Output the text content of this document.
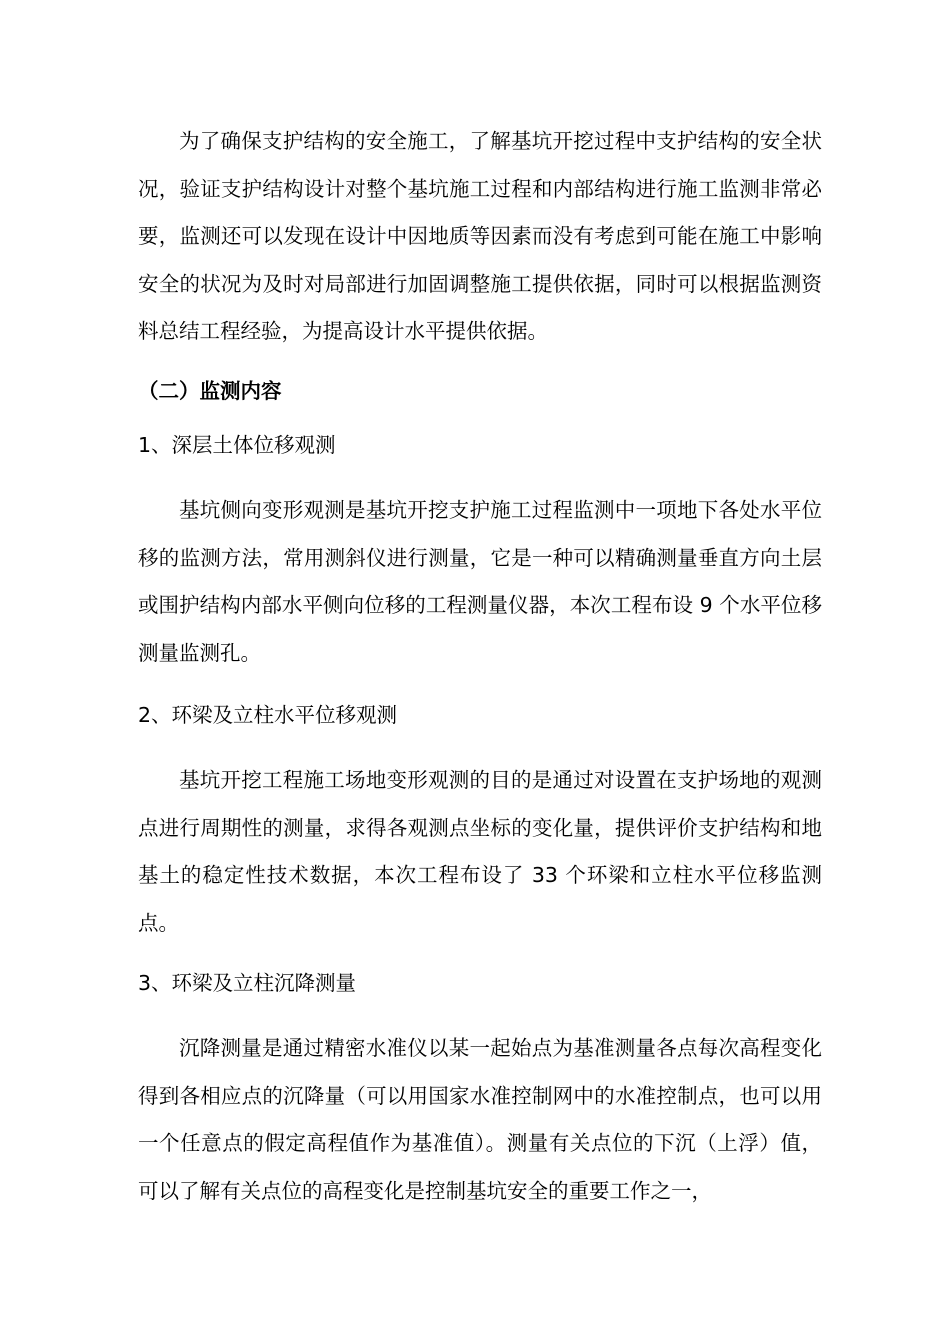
为了确保支护结构的安全施工，了解基坑开挖过程中支护结构的安全状况，验证支护结构设计对整个基坑施工过程和内部结构进行施工监测非常必要，监测还可以发现在设计中因地质等因素而没有考虑到可能在施工中影响安全的状况为及时对局部进行加固调整施工提供依据，同时可以根据监测资料总结工程经验，为提高设计水平提供依据。

（二）监测内容

1、深层土体位移观测

基坑侧向变形观测是基坑开挖支护施工过程监测中一项地下各处水平位移的监测方法，常用测斜仪进行测量，它是一种可以精确测量垂直方向土层或围护结构内部水平侧向位移的工程测量仪器，本次工程布设 9 个水平位移测量监测孔。

2、环梁及立柱水平位移观测

基坑开挖工程施工场地变形观测的目的是通过对设置在支护场地的观测点进行周期性的测量，求得各观测点坐标的变化量，提供评价支护结构和地基土的稳定性技术数据，本次工程布设了 33 个环梁和立柱水平位移监测点。

3、环梁及立柱沉降测量

沉降测量是通过精密水准仪以某一起始点为基准测量各点每次高程变化得到各相应点的沉降量（可以用国家水准控制网中的水准控制点，也可以用一个任意点的假定高程值作为基准值）。测量有关点位的下沉（上浮）值，可以了解有关点位的高程变化是控制基坑安全的重要工作之一，
